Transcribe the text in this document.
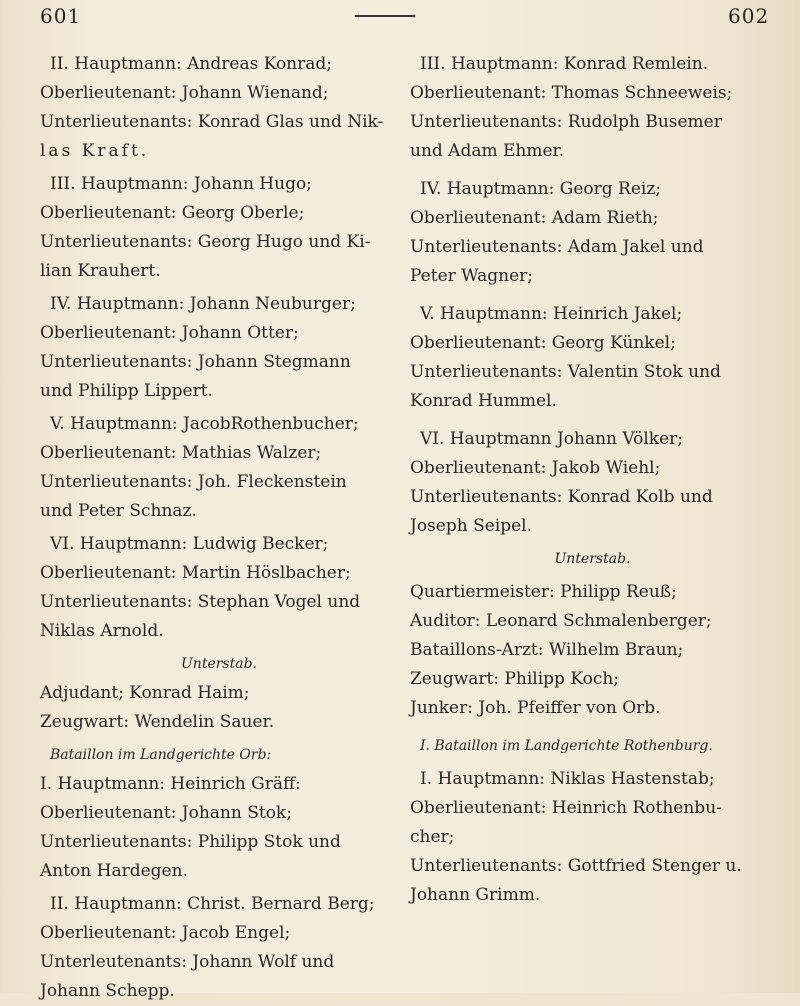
601	602
II. Hauptmann: Andreas Konrad;
Oberlieutenant: Johann Wienand;
Unterlieutenants: Konrad Glas und Nik-
las Kraft.
III. Hauptmann: Johann Hugo;
Oberlieutenant: Georg Oberle;
Unterlieutenants: Georg Hugo und Ki-
lian Krauhert.
IV. Hauptmann: Johann Neuburger;
Oberlieutenant: Johann Otter;
Unterlieutenants: Johann Stegmann
und Philipp Lippert.
V. Hauptmann: JacobRothenbucher;
Oberlieutenant: Mathias Walzer;
Unterlieutenants: Joh. Fleckenstein
und Peter Schnaz.
VI. Hauptmann: Ludwig Becker;
Oberlieutenant: Martin Höslbacher;
Unterlieutenants: Stephan Vogel und
Niklas Arnold.
Unterstab.
Adjudant; Konrad Haim;
Zeugwart: Wendelin Sauer.
Bataillon im Landgerichte Orb:
I. Hauptmann: Heinrich Gräff:
Oberlieutenant: Johann Stok;
Unterlieutenants: Philipp Stok und
Anton Hardegen.
II. Hauptmann: Christ. Bernard Berg;
Oberlieutenant: Jacob Engel;
Unterleutenants: Johann Wolf und
Johann Schepp.
III. Hauptmann: Konrad Remlein.
Oberlieutenant: Thomas Schneeweis;
Unterlieutenants: Rudolph Busemer
und Adam Ehmer.
IV. Hauptmann: Georg Reiz;
Oberlieutenant: Adam Rieth;
Unterlieutenants: Adam Jakel und
Peter Wagner;
V. Hauptmann: Heinrich Jakel;
Oberlieutenant: Georg Künkel;
Unterlieutenants: Valentin Stok und
Konrad Hummel.
VI. Hauptmann Johann Völker;
Oberlieutenant: Jakob Wiehl;
Unterlieutenants: Konrad Kolb und
Joseph Seipel.
Unterstab.
Quartiermeister: Philipp Reuß;
Auditor: Leonard Schmalenberger;
Bataillons-Arzt: Wilhelm Braun;
Zeugwart: Philipp Koch;
Junker: Joh. Pfeiffer von Orb.
I. Bataillon im Landgerichte Rothenburg.
I. Hauptmann: Niklas Hastenstab;
Oberlieutenant: Heinrich Rothenbu-
cher;
Unterlieutenants: Gottfried Stenger u.
Johann Grimm.
